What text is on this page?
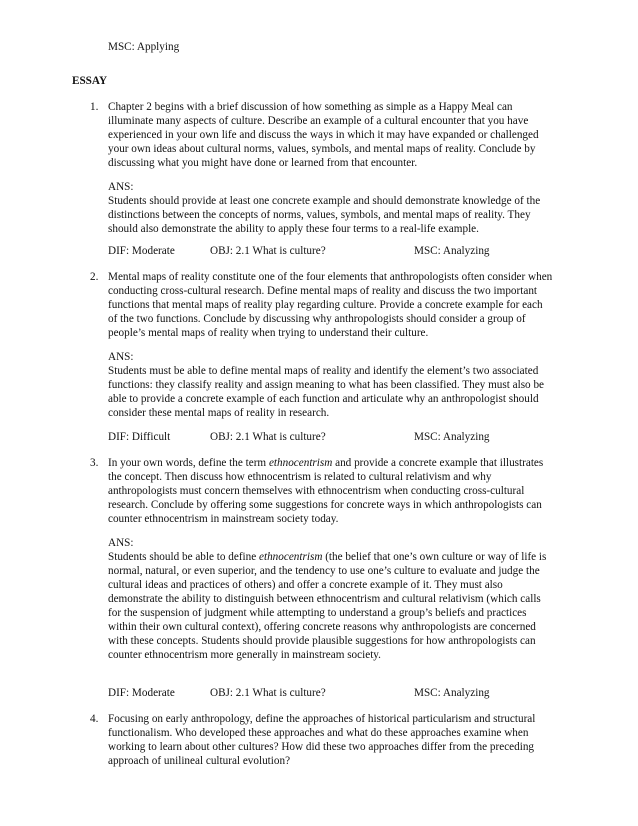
MSC: Applying
ESSAY
1. Chapter 2 begins with a brief discussion of how something as simple as a Happy Meal can
illuminate many aspects of culture. Describe an example of a cultural encounter that you have
experienced in your own life and discuss the ways in which it may have expanded or challenged
your own ideas about cultural norms, values, symbols, and mental maps of reality. Conclude by
discussing what you might have done or learned from that encounter.
ANS:
Students should provide at least one concrete example and should demonstrate knowledge of the
distinctions between the concepts of norms, values, symbols, and mental maps of reality. They
should also demonstrate the ability to apply these four terms to a real-life example.
DIF: Moderate	OBJ: 2.1 What is culture?	MSC: Analyzing
2. Mental maps of reality constitute one of the four elements that anthropologists often consider when
conducting cross-cultural research. Define mental maps of reality and discuss the two important
functions that mental maps of reality play regarding culture. Provide a concrete example for each
of the two functions. Conclude by discussing why anthropologists should consider a group of
people’s mental maps of reality when trying to understand their culture.
ANS:
Students must be able to define mental maps of reality and identify the element’s two associated
functions: they classify reality and assign meaning to what has been classified. They must also be
able to provide a concrete example of each function and articulate why an anthropologist should
consider these mental maps of reality in research.
DIF: Difficult	OBJ: 2.1 What is culture?	MSC: Analyzing
3. In your own words, define the term ethnocentrism and provide a concrete example that illustrates
the concept. Then discuss how ethnocentrism is related to cultural relativism and why
anthropologists must concern themselves with ethnocentrism when conducting cross-cultural
research. Conclude by offering some suggestions for concrete ways in which anthropologists can
counter ethnocentrism in mainstream society today.
ANS:
Students should be able to define ethnocentrism (the belief that one’s own culture or way of life is
normal, natural, or even superior, and the tendency to use one’s culture to evaluate and judge the
cultural ideas and practices of others) and offer a concrete example of it. They must also
demonstrate the ability to distinguish between ethnocentrism and cultural relativism (which calls
for the suspension of judgment while attempting to understand a group’s beliefs and practices
within their own cultural context), offering concrete reasons why anthropologists are concerned
with these concepts. Students should provide plausible suggestions for how anthropologists can
counter ethnocentrism more generally in mainstream society.
DIF: Moderate	OBJ: 2.1 What is culture?	MSC: Analyzing
4. Focusing on early anthropology, define the approaches of historical particularism and structural
functionalism. Who developed these approaches and what do these approaches examine when
working to learn about other cultures? How did these two approaches differ from the preceding
approach of unilineal cultural evolution?
